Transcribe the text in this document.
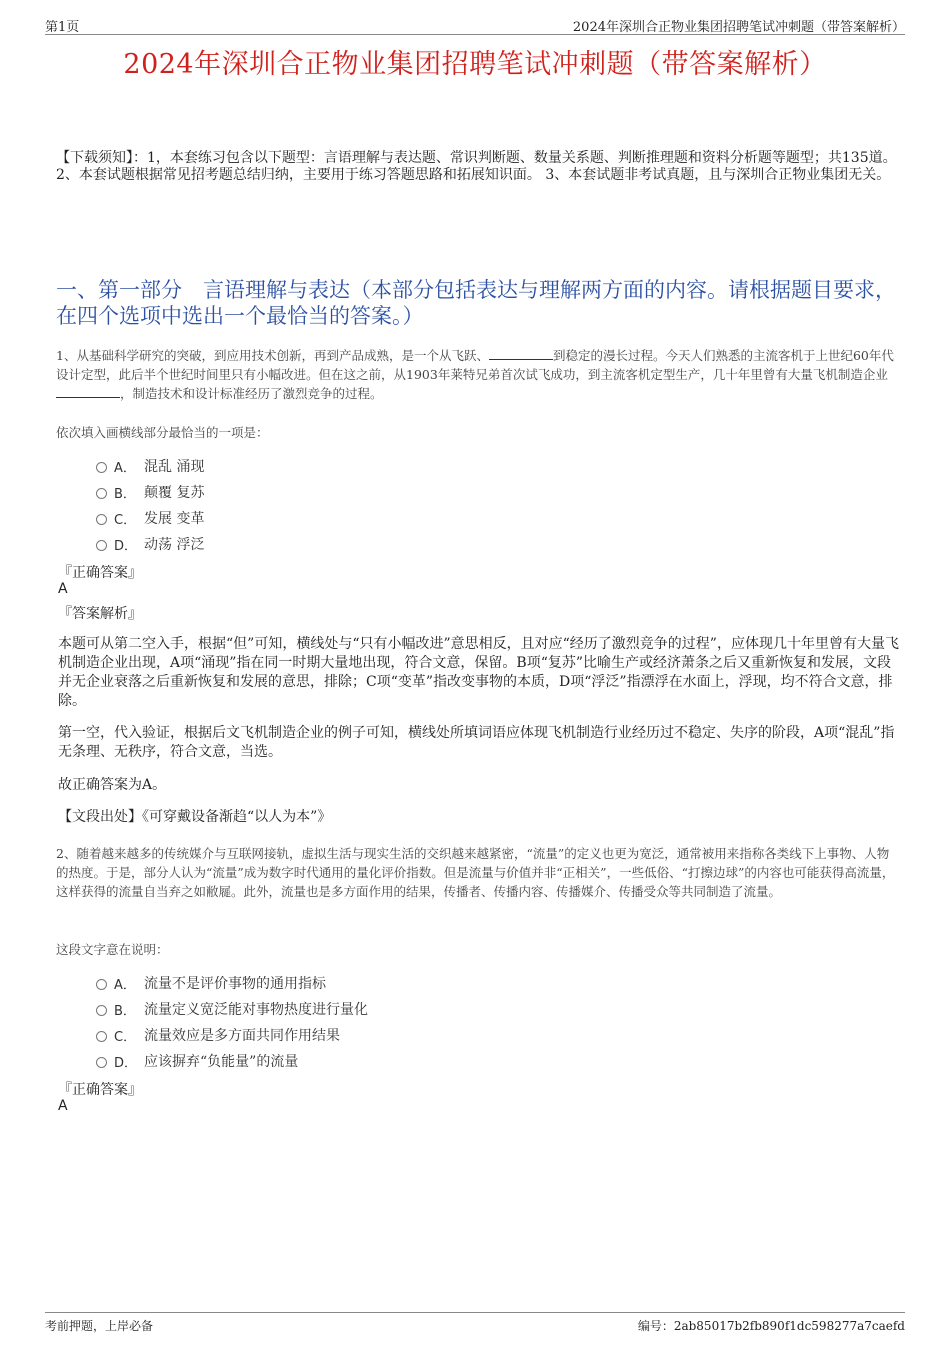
第1页	2024年深圳合正物业集团招聘笔试冲刺题（带答案解析）
2024年深圳合正物业集团招聘笔试冲刺题（带答案解析）
【下载须知】：1，本套练习包含以下题型：言语理解与表达题、常识判断题、数量关系题、判断推理题和资料分析题等题型；共135道。 2、本套试题根据常见招考题总结归纳，主要用于练习答题思路和拓展知识面。 3、本套试题非考试真题，且与深圳合正物业集团无关。
一、第一部分　言语理解与表达（本部分包括表达与理解两方面的内容。请根据题目要求，在四个选项中选出一个最恰当的答案。）
1、从基础科学研究的突破，到应用技术创新，再到产品成熟，是一个从飞跃、	到稳定的漫长过程。今天人们熟悉的主流客机于上世纪60年代设计定型，此后半个世纪时间里只有小幅改进。但在这之前，从1903年莱特兄弟首次试飞成功，到主流客机定型生产，几十年里曾有大量飞机制造企业，制造技术和设计标准经历了激烈竞争的过程。
依次填入画横线部分最恰当的一项是：
A． 混乱 涌现
B． 颠覆 复苏
C． 发展 变革
D． 动荡 浮泛
『正确答案』
A
『答案解析』
本题可从第二空入手，根据“但”可知，横线处与“只有小幅改进”意思相反，且对应“经历了激烈竞争的过程”，应体现几十年里曾有大量飞机制造企业出现，A项“涌现”指在同一时期大量地出现，符合文意，保留。B项“复苏”比喻生产或经济萧条之后又重新恢复和发展，文段并无企业衰落之后重新恢复和发展的意思，排除；C项“变革”指改变事物的本质，D项“浮泛”指漂浮在水面上，浮现，均不符合文意，排除。
第一空，代入验证，根据后文飞机制造企业的例子可知，横线处所填词语应体现飞机制造行业经历过不稳定、失序的阶段，A项“混乱”指无条理、无秩序，符合文意，当选。
故正确答案为A。
【文段出处】《可穿戴设备渐趋“以人为本”》
2、随着越来越多的传统媒介与互联网接轨，虚拟生活与现实生活的交织越来越紧密，“流量”的定义也更为宽泛，通常被用来指称各类线下上事物、人物的热度。于是，部分人认为“流量”成为数字时代通用的量化评价指数。但是流量与价值并非“正相关”，一些低俗、“打擦边球”的内容也可能获得高流量，这样获得的流量自当弃之如敝屣。此外，流量也是多方面作用的结果，传播者、传播内容、传播媒介、传播受众等共同制造了流量。
这段文字意在说明：
A． 流量不是评价事物的通用指标
B． 流量定义宽泛能对事物热度进行量化
C． 流量效应是多方面共同作用结果
D． 应该摒弃“负能量”的流量
『正确答案』
A
考前押题，上岸必备	编号：2ab85017b2fb890f1dc598277a7caefd
